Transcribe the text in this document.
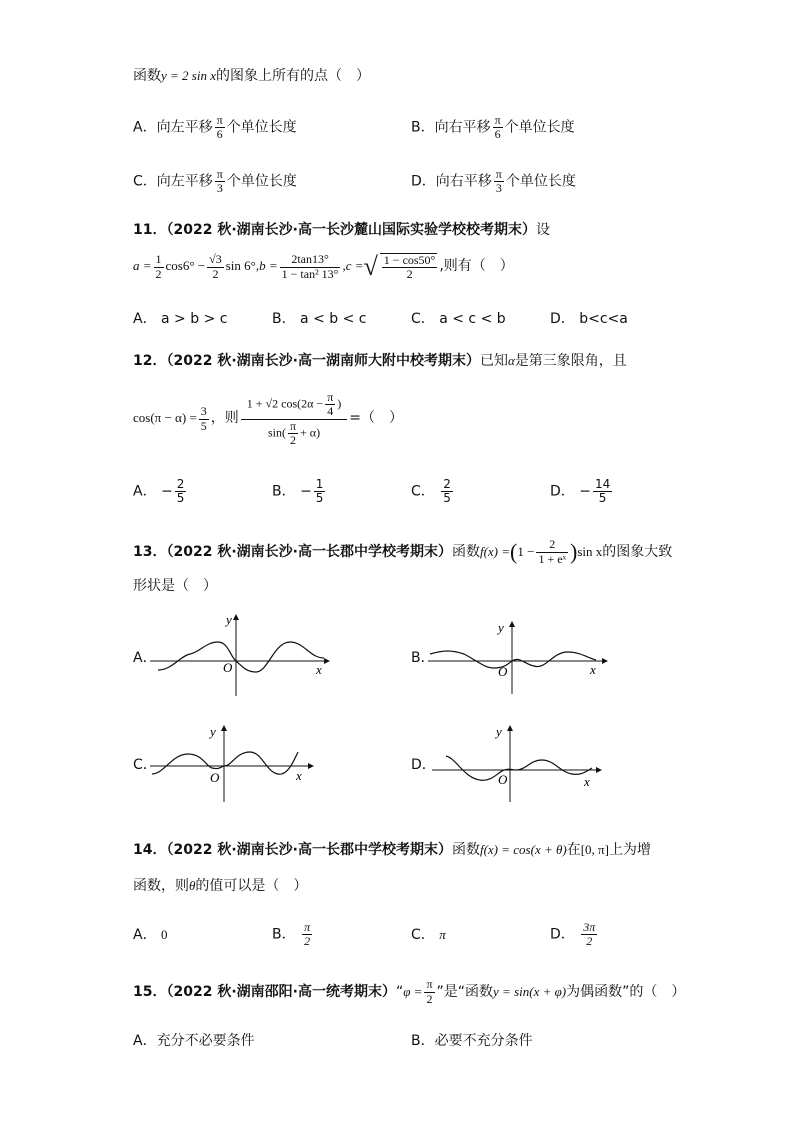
函数y = 2 sin x的图象上所有的点（　）
A．向左平移 $\frac{\pi}{6}$ 个单位长度	B．向右平移 $\frac{\pi}{6}$ 个单位长度
C．向左平移 $\frac{\pi}{3}$ 个单位长度	D．向右平移 $\frac{\pi}{3}$ 个单位长度
11．（2022 秋·湖南长沙·高一长沙麓山国际实验学校校考期末）设
$a = \frac{1}{2} \cos 6^\circ - \frac{√3}{2}$ $\sin 6^\circ,b = \frac{2\tan 13^\circ}{\text{1 − tan² 13°}} ,c$ =√ $\frac{1 - \cos 50^\circ}{2}$ ,则有（　）
A． a > b > c	B． a < b < c	C． a < c < b	D． b<c<a
12．（2022 秋·湖南长沙·高一湖南师大附中校考期末）已知α是第三象限角，且
$\cos(\pi - \alpha) = \frac{3}{5}$ ，则 $\frac{1 + √2 \cos(2\alpha - \frac{\pi}{4} )}{\sin( \frac{\pi}{2} + \alpha)}$ =（　）
A． − $\frac{2}{5}$	B． − $\frac{1}{5}$	C． $\frac{2}{5}$	D． − $\frac{14}{5}$
13．（2022 秋·湖南长沙·高一长郡中学校考期末）函数$f(x) =(1 - \frac{2}{\text{1 + eˣ}} )\sin$ x的图象大致
形状是（　）
A．
y
x
O
B．
y
x
O
C．
y
x
O
D．
y
x
O
14．（2022 秋·湖南长沙·高一长郡中学校考期末）函数f(x) = cos(x + θ)在[0, π]上为增
函数，则θ的值可以是（　）
A． 0	B． $\frac{\pi}{2}$	C． π	D． $\frac{3\pi}{2}$
15．（2022 秋·湖南邵阳·高一统考期末）“φ = $\frac{\pi}{2}$ ”是“函数y = sin(x + φ)为偶函数”的（　）
A．充分不必要条件	B．必要不充分条件
